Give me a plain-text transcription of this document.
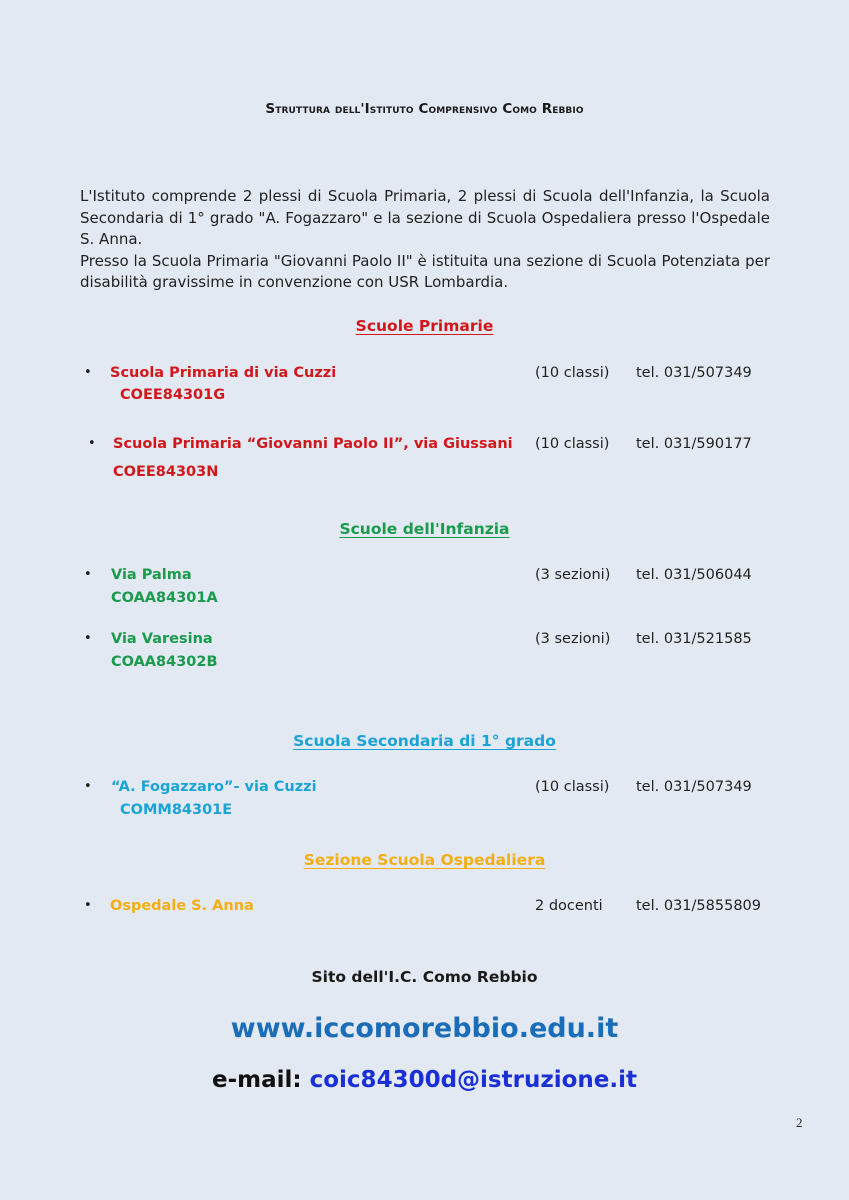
Struttura dell'Istituto Comprensivo Como Rebbio

L'Istituto comprende 2 plessi di Scuola Primaria, 2 plessi di Scuola dell'Infanzia, la Scuola Secondaria di 1° grado "A. Fogazzaro" e la sezione di Scuola Ospedaliera presso l'Ospedale S. Anna.

Presso la Scuola Primaria "Giovanni Paolo II" è istituita una sezione di Scuola Potenziata per disabilità gravissime in convenzione con USR Lombardia.

Scuole Primarie
• Scuola Primaria di via Cuzzi
COEE84301G
(10 classi) tel. 031/507349
• Scuola Primaria “Giovanni Paolo II”, via Giussani
COEE84303N
(10 classi) tel. 031/590177
Scuole dell'Infanzia
• Via Palma
COAA84301A
(3 sezioni) tel. 031/506044
• Via Varesina
COAA84302B
(3 sezioni) tel. 031/521585
Scuola Secondaria di 1° grado
• “A. Fogazzaro”- via Cuzzi
COMM84301E
(10 classi) tel. 031/507349
Sezione Scuola Ospedaliera
• Ospedale S. Anna	2 docenti tel. 031/5855809
Sito dell'I.C. Como Rebbio
www.iccomorebbio.edu.it
e-mail: coic84300d@istruzione.it
2
